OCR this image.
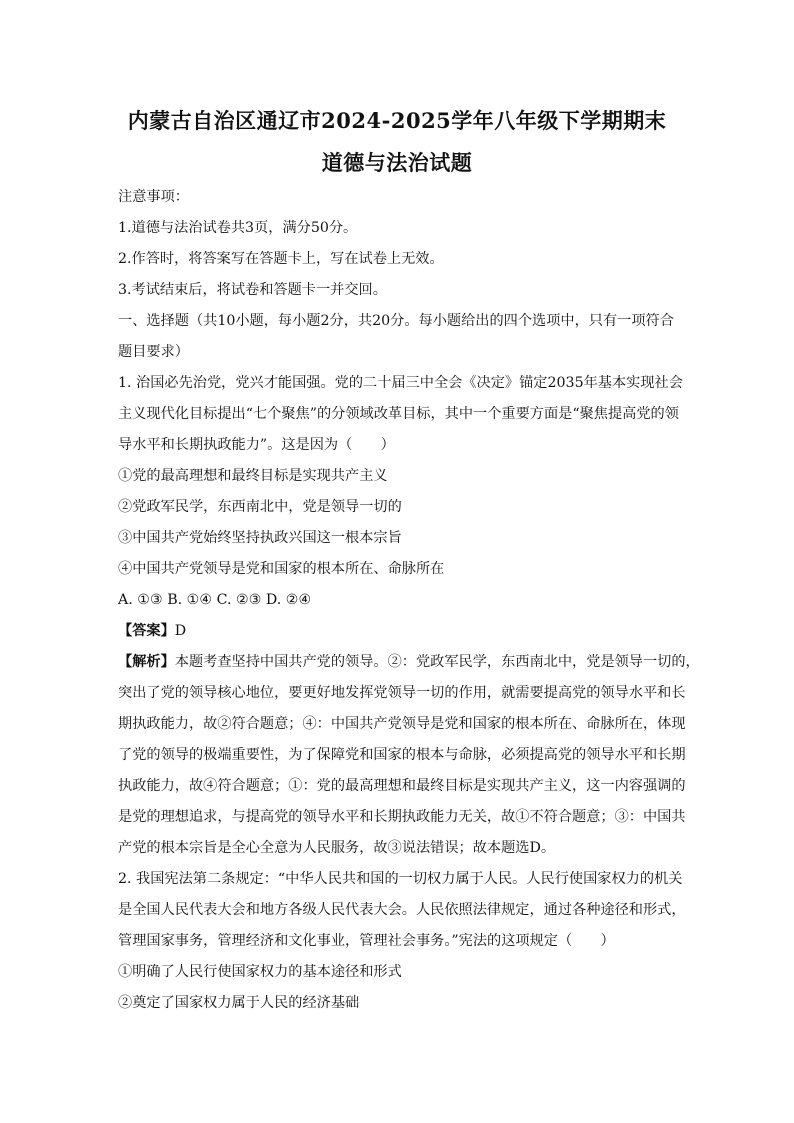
内蒙古自治区通辽市2024-2025学年八年级下学期期末
道德与法治试题
注意事项：
1.道德与法治试卷共3页，满分50分。
2.作答时，将答案写在答题卡上，写在试卷上无效。
3.考试结束后，将试卷和答题卡一并交回。
一、选择题（共10小题，每小题2分，共20分。每小题给出的四个选项中，只有一项符合
题目要求）
1. 治国必先治党，党兴才能国强。党的二十届三中全会《决定》锚定2035年基本实现社会
主义现代化目标提出“七个聚焦”的分领域改革目标，其中一个重要方面是“聚焦提高党的领
导水平和长期执政能力”。这是因为（　　）
①党的最高理想和最终目标是实现共产主义
②党政军民学，东西南北中，党是领导一切的
③中国共产党始终坚持执政兴国这一根本宗旨
④中国共产党领导是党和国家的根本所在、命脉所在
A. ①③ B. ①④ C. ②③ D. ②④
【答案】D
【解析】本题考查坚持中国共产党的领导。②：党政军民学，东西南北中，党是领导一切的，
突出了党的领导核心地位，要更好地发挥党领导一切的作用，就需要提高党的领导水平和长
期执政能力，故②符合题意；④：中国共产党领导是党和国家的根本所在、命脉所在，体现
了党的领导的极端重要性，为了保障党和国家的根本与命脉，必须提高党的领导水平和长期
执政能力，故④符合题意；①：党的最高理想和最终目标是实现共产主义，这一内容强调的
是党的理想追求，与提高党的领导水平和长期执政能力无关，故①不符合题意；③：中国共
产党的根本宗旨是全心全意为人民服务，故③说法错误；故本题选D。
2. 我国宪法第二条规定：“中华人民共和国的一切权力属于人民。人民行使国家权力的机关
是全国人民代表大会和地方各级人民代表大会。人民依照法律规定，通过各种途径和形式，
管理国家事务，管理经济和文化事业，管理社会事务。”宪法的这项规定（　　）
①明确了人民行使国家权力的基本途径和形式
②奠定了国家权力属于人民的经济基础
